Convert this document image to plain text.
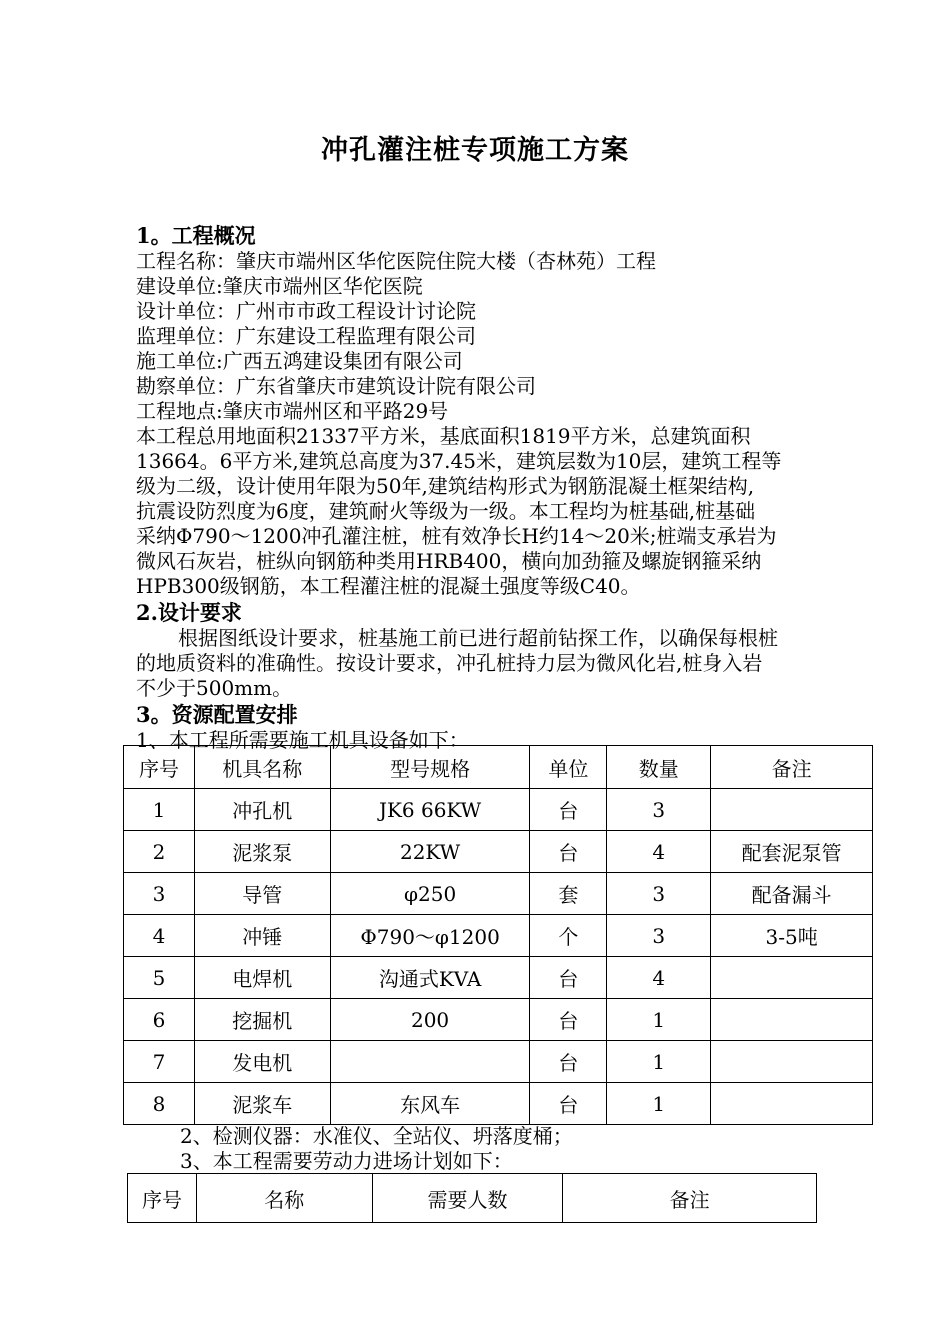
冲孔灌注桩专项施工方案
1。工程概况
工程名称：肇庆市端州区华佗医院住院大楼（杏林苑）工程
建设单位:肇庆市端州区华佗医院
设计单位：广州市市政工程设计讨论院
监理单位：广东建设工程监理有限公司
施工单位:广西五鸿建设集团有限公司
勘察单位：广东省肇庆市建筑设计院有限公司
工程地点:肇庆市端州区和平路29号
本工程总用地面积21337平方米，基底面积1819平方米，总建筑面积
13664。6平方米,建筑总高度为37.45米，建筑层数为10层，建筑工程等
级为二级，设计使用年限为50年,建筑结构形式为钢筋混凝土框架结构,
抗震设防烈度为6度，建筑耐火等级为一级。本工程均为桩基础,桩基础
采纳Φ790～1200冲孔灌注桩，桩有效净长H约14～20米;桩端支承岩为
微风石灰岩，桩纵向钢筋种类用HRB400，横向加劲箍及螺旋钢箍采纳
HPB300级钢筋，本工程灌注桩的混凝土强度等级C40。
2.设计要求
根据图纸设计要求，桩基施工前已进行超前钻探工作，以确保每根桩
的地质资料的准确性。按设计要求，冲孔桩持力层为微风化岩,桩身入岩
不少于500mm。
3。资源配置安排
1、本工程所需要施工机具设备如下：
序号	机具名称	型号规格	单位	数量	备注
1	冲孔机	JK6 66KW	台	3	
2	泥浆泵	22KW	台	4	配套泥泵管
3	导管	φ250	套	3	配备漏斗
4	冲锤	Φ790～φ1200	个	3	3-5吨
5	电焊机	沟通式KVA	台	4	
6	挖掘机	200	台	1	
7	发电机		台	1	
8	泥浆车	东风车	台	1	
2、检测仪器：水准仪、全站仪、坍落度桶；
3、本工程需要劳动力进场计划如下：
序号	名称	需要人数	备注
